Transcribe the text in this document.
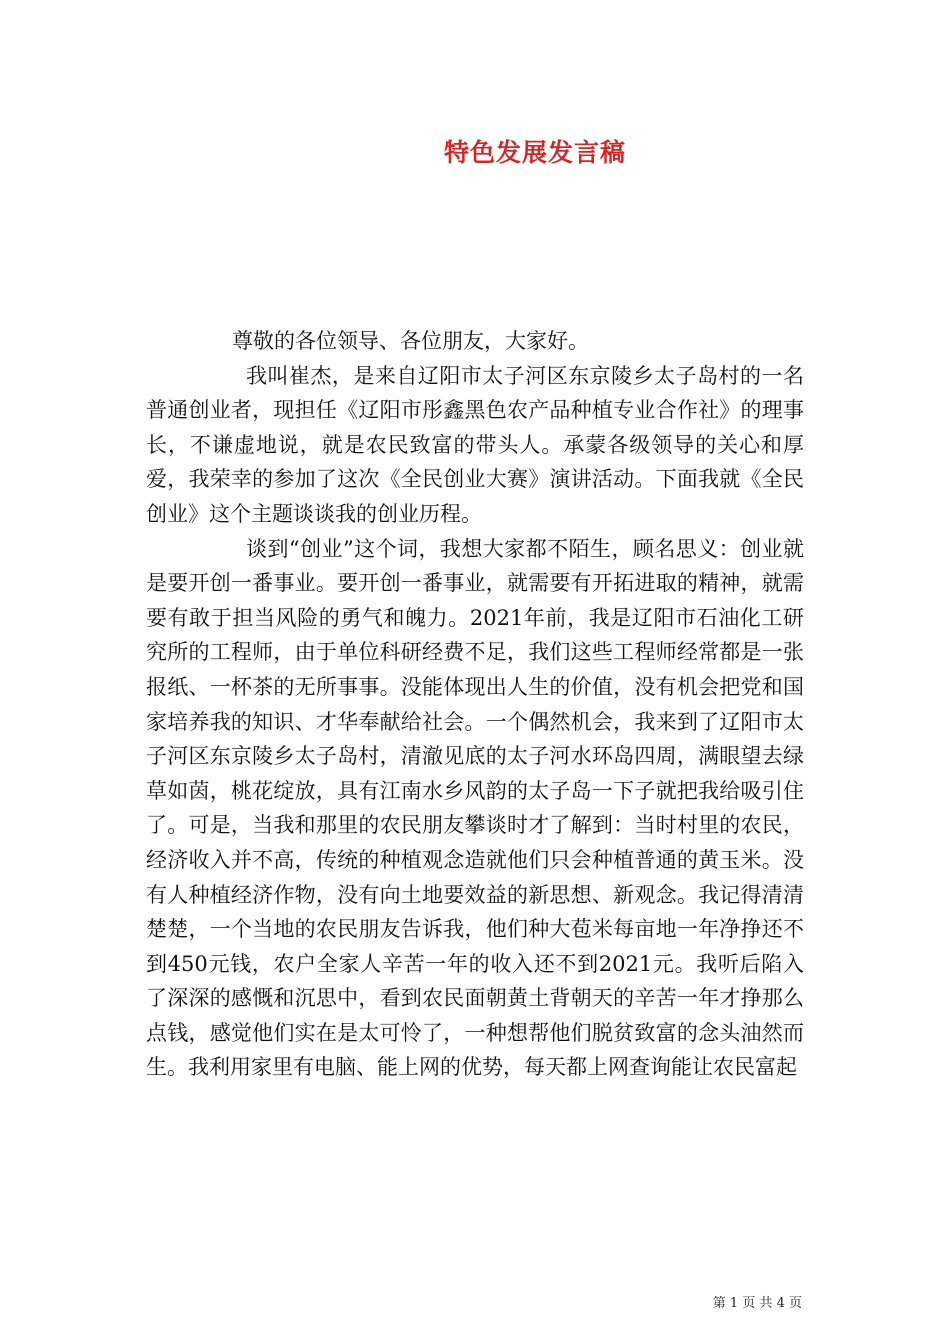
特色发展发言稿

尊敬的各位领导、各位朋友，大家好。

我叫崔杰，是来自辽阳市太子河区东京陵乡太子岛村的一名普通创业者，现担任《辽阳市彤鑫黑色农产品种植专业合作社》的理事长，不谦虚地说，就是农民致富的带头人。承蒙各级领导的关心和厚爱，我荣幸的参加了这次《全民创业大赛》演讲活动。下面我就《全民创业》这个主题谈谈我的创业历程。

谈到“创业”这个词，我想大家都不陌生，顾名思义：创业就是要开创一番事业。要开创一番事业，就需要有开拓进取的精神，就需要有敢于担当风险的勇气和魄力。2021年前，我是辽阳市石油化工研究所的工程师，由于单位科研经费不足，我们这些工程师经常都是一张报纸、一杯茶的无所事事。没能体现出人生的价值，没有机会把党和国家培养我的知识、才华奉献给社会。一个偶然机会，我来到了辽阳市太子河区东京陵乡太子岛村，清澈见底的太子河水环岛四周，满眼望去绿草如茵，桃花绽放，具有江南水乡风韵的太子岛一下子就把我给吸引住了。可是，当我和那里的农民朋友攀谈时才了解到：当时村里的农民，经济收入并不高，传统的种植观念造就他们只会种植普通的黄玉米。没有人种植经济作物，没有向土地要效益的新思想、新观念。我记得清清楚楚，一个当地的农民朋友告诉我，他们种大苞米每亩地一年净挣还不到450元钱，农户全家人辛苦一年的收入还不到2021元。我听后陷入了深深的感慨和沉思中，看到农民面朝黄土背朝天的辛苦一年才挣那么点钱，感觉他们实在是太可怜了，一种想帮他们脱贫致富的念头油然而生。我利用家里有电脑、能上网的优势，每天都上网查询能让农民富起

第 1 页 共 4 页
